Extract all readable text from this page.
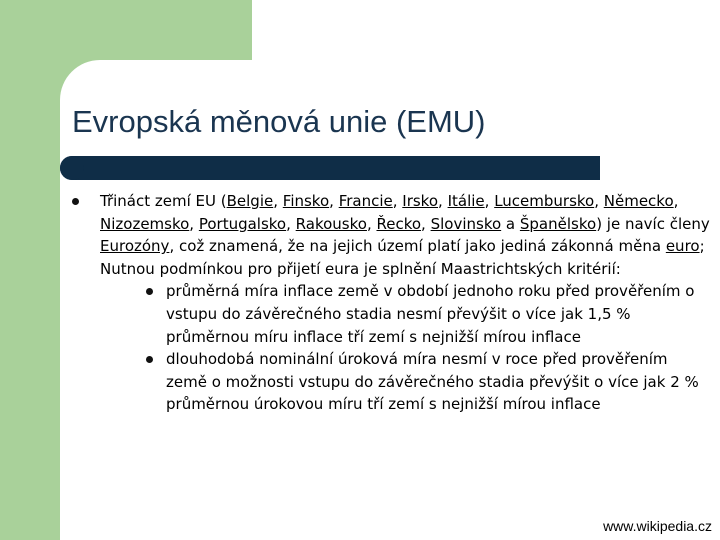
Evropská měnová unie (EMU)

Třináct zemí EU (Belgie, Finsko, Francie, Irsko, Itálie, Lucembursko, Německo, Nizozemsko, Portugalsko, Rakousko, Řecko, Slovinsko a Španělsko) je navíc členy Eurozóny, což znamená, že na jejich území platí jako jediná zákonná měna euro; Nutnou podmínkou pro přijetí eura je splnění Maastrichtských kritérií:

průměrná míra inflace země v období jednoho roku před prověřením o vstupu do závěrečného stadia nesmí převýšit o více jak 1,5 % průměrnou míru inflace tří zemí s nejnižší mírou inflace
dlouhodobá nominální úroková míra nesmí v roce před prověřením země o možnosti vstupu do závěrečného stadia převýšit o více jak 2 % průměrnou úrokovou míru tří zemí s nejnižší mírou inflace
www.wikipedia.cz
